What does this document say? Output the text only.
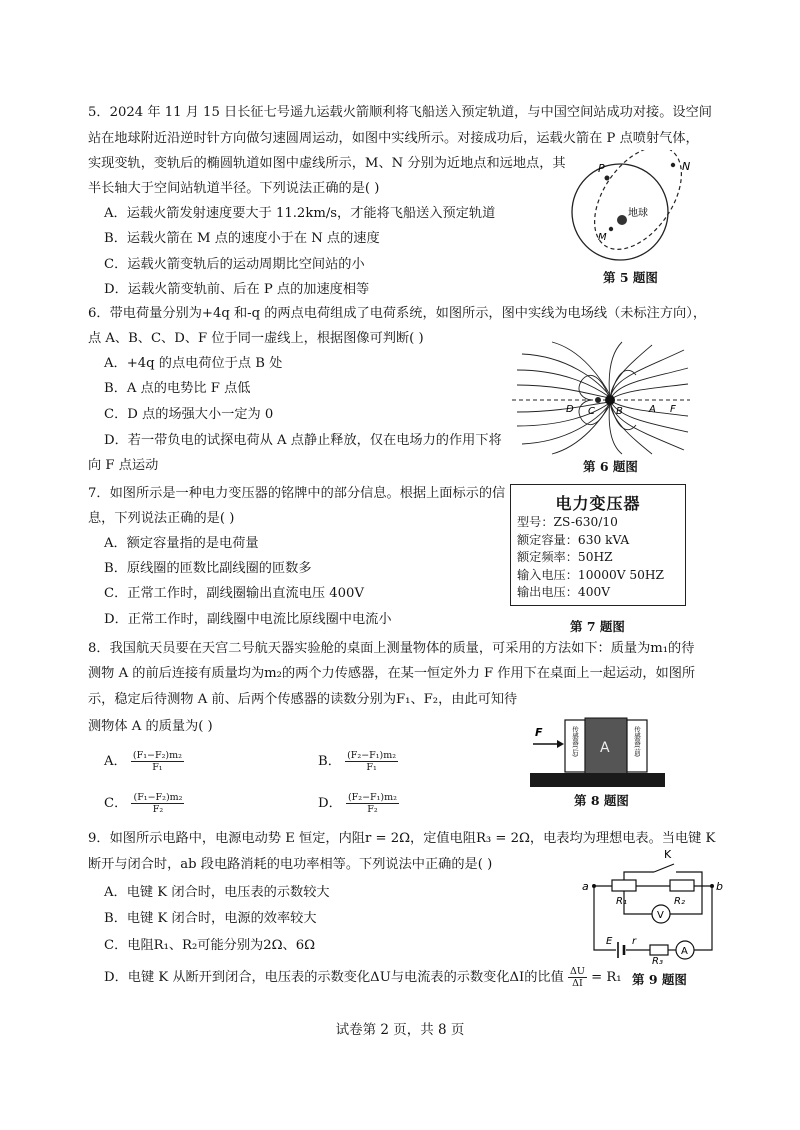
5．2024 年 11 月 15 日长征七号遥九运载火箭顺利将飞船送入预定轨道，与中国空间站成功对接。设空间
站在地球附近沿逆时针方向做匀速圆周运动，如图中实线所示。对接成功后，运载火箭在 P 点喷射气体，
实现变轨，变轨后的椭圆轨道如图中虚线所示，M、N 分别为近地点和远地点，其
半长轴大于空间站轨道半径。下列说法正确的是( )
A．运载火箭发射速度要大于 11.2km/s，才能将飞船送入预定轨道
B．运载火箭在 M 点的速度小于在 N 点的速度
C．运载火箭变轨后的运动周期比空间站的小
D．运载火箭变轨前、后在 P 点的加速度相等
N
P
地球
M
第 5 题图
6．带电荷量分别为+4q 和-q 的两点电荷组成了电荷系统，如图所示，图中实线为电场线（未标注方向），
点 A、B、C、D、F 位于同一虚线上，根据图像可判断( )
A．+4q 的点电荷位于点 B 处
B．A 点的电势比 F 点低
C．D 点的场强大小一定为 0
D．若一带负电的试探电荷从 A 点静止释放，仅在电场力的作用下将
向 F 点运动
D C B	A F
第 6 题图
7．如图所示是一种电力变压器的铭牌中的部分信息。根据上面标示的信
息，下列说法正确的是( )
A．额定容量指的是电荷量
B．原线圈的匝数比副线圈的匝数多
C．正常工作时，副线圈输出直流电压 400V
D．正常工作时，副线圈中电流比原线圈中电流小
电力变压器
型号：ZS-630/10
额定容量：630 kVA
额定频率：50HZ
输入电压：10000V 50HZ
输出电压：400V
第 7 题图
8．我国航天员要在天宫二号航天器实验舱的桌面上测量物体的质量，可采用的方法如下：质量为m₁的待
测物 A 的前后连接有质量均为m₂的两个力传感器，在某一恒定外力 F 作用下在桌面上一起运动，如图所
示，稳定后待测物 A 前、后两个传感器的读数分别为F₁、F₂，由此可知待
测物体 A 的质量为( )
A． $\frac{\text{(F₁−F₂)m₂}}{\text{F₁}}$	B． $\frac{\text{(F₂−F₁)m₂}}{\text{F₁}}$
C． $\frac{\text{(F₁−F₂)m₂}}{\text{F₂}}$	D． $\frac{\text{(F₂−F₁)m₂}}{\text{F₂}}$
F
A
传感器(后)	传感器(前)
第 8 题图
9．如图所示电路中，电源电动势 E 恒定，内阻r = 2Ω，定值电阻R₃ = 2Ω，电表均为理想电表。当电键 K
断开与闭合时，ab 段电路消耗的电功率相等。下列说法中正确的是( )
A．电键 K 闭合时，电压表的示数较大
B．电键 K 闭合时，电源的效率较大
C．电阻R₁、R₂可能分别为2Ω、6Ω
D．电键 K 从断开到闭合，电压表的示数变化ΔU与电流表的示数变化ΔI的比值 $\frac{\Delta U}{\Delta I} = R_1$
K
a	b
R₁	R₂
V
E r
R₃
A
第 9 题图
试卷第 2 页，共 8 页
